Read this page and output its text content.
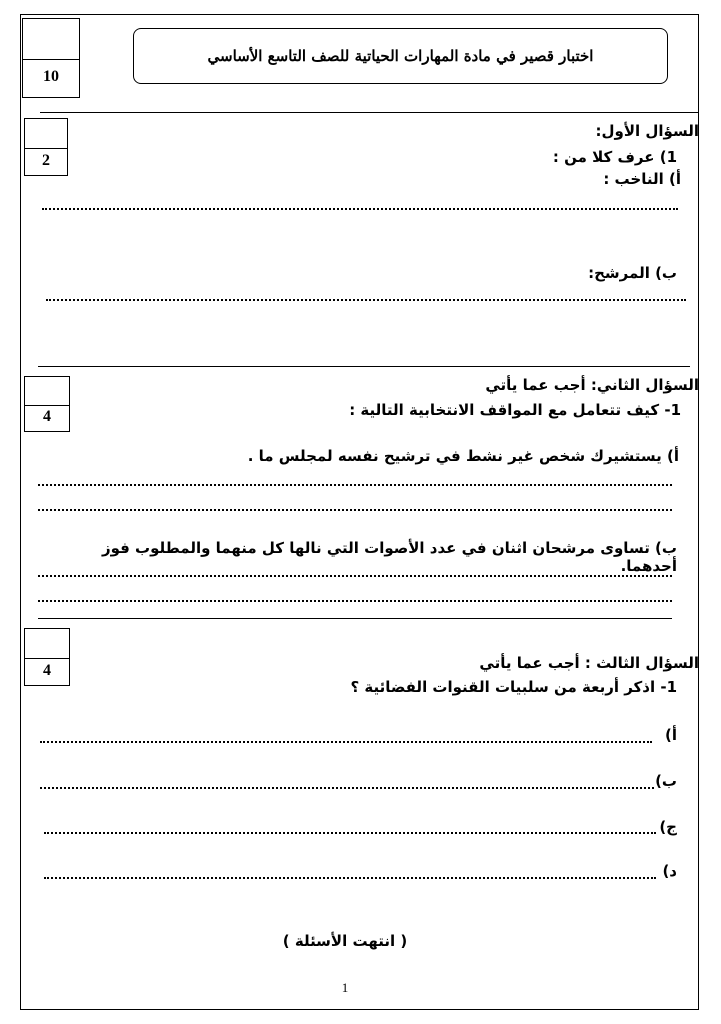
10
اختبار قصير في مادة المهارات الحياتية للصف التاسع الأساسي
2
السؤال الأول:
1) عرف كلا من :
أ) الناخب :
ب) المرشح:
4
السؤال الثاني: أجب عما يأتي
1- كيف تتعامل مع المواقف الانتخابية التالية :
أ) يستشيرك شخص غير نشط في ترشيح نفسه لمجلس ما .
ب) تساوى مرشحان اثنان في عدد الأصوات التي نالها كل منهما والمطلوب فوز أحدهما.
4	السؤال الثالث : أجب عما يأتي
1- اذكر أربعة من سلبيات القنوات الفضائية ؟
أ)
ب)
ج)
د)
( انتهت الأسئلة )
1
